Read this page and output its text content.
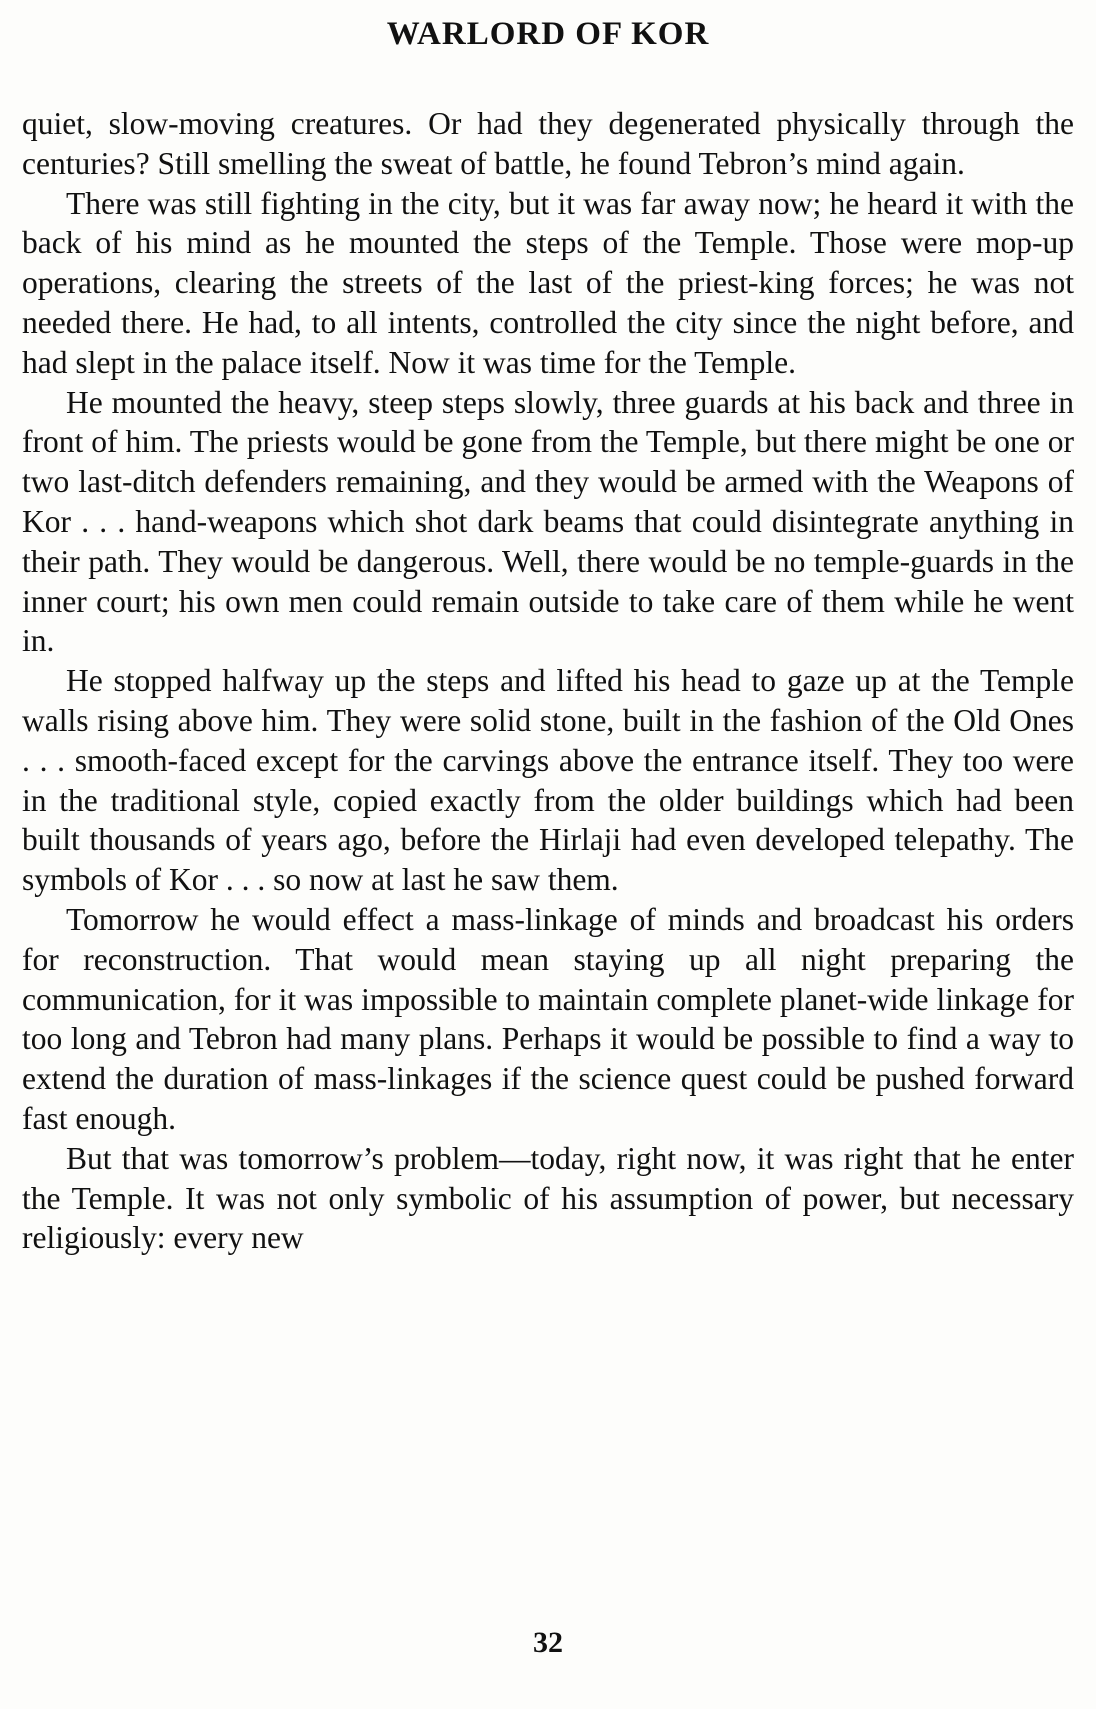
WARLORD OF KOR

quiet, slow-moving creatures. Or had they degenerated physically through the centuries? Still smelling the sweat of battle, he found Tebron’s mind again.

There was still fighting in the city, but it was far away now; he heard it with the back of his mind as he mounted the steps of the Temple. Those were mop-up operations, clearing the streets of the last of the priest-king forces; he was not needed there. He had, to all intents, controlled the city since the night before, and had slept in the palace itself. Now it was time for the Temple.

He mounted the heavy, steep steps slowly, three guards at his back and three in front of him. The priests would be gone from the Temple, but there might be one or two last-ditch defenders remaining, and they would be armed with the Weapons of Kor . . . hand-weapons which shot dark beams that could disintegrate anything in their path. They would be dangerous. Well, there would be no temple-guards in the inner court; his own men could remain outside to take care of them while he went in.

He stopped halfway up the steps and lifted his head to gaze up at the Temple walls rising above him. They were solid stone, built in the fashion of the Old Ones . . . smooth-faced except for the carvings above the entrance itself. They too were in the traditional style, copied exactly from the older buildings which had been built thousands of years ago, before the Hirlaji had even developed telepathy. The symbols of Kor . . . so now at last he saw them.

Tomorrow he would effect a mass-linkage of minds and broadcast his orders for reconstruction. That would mean staying up all night preparing the communication, for it was impossible to maintain complete planet-wide linkage for too long and Tebron had many plans. Perhaps it would be possible to find a way to extend the duration of mass-linkages if the science quest could be pushed forward fast enough.

But that was tomorrow’s problem—today, right now, it was right that he enter the Temple. It was not only symbolic of his assumption of power, but necessary religiously: every new

32
